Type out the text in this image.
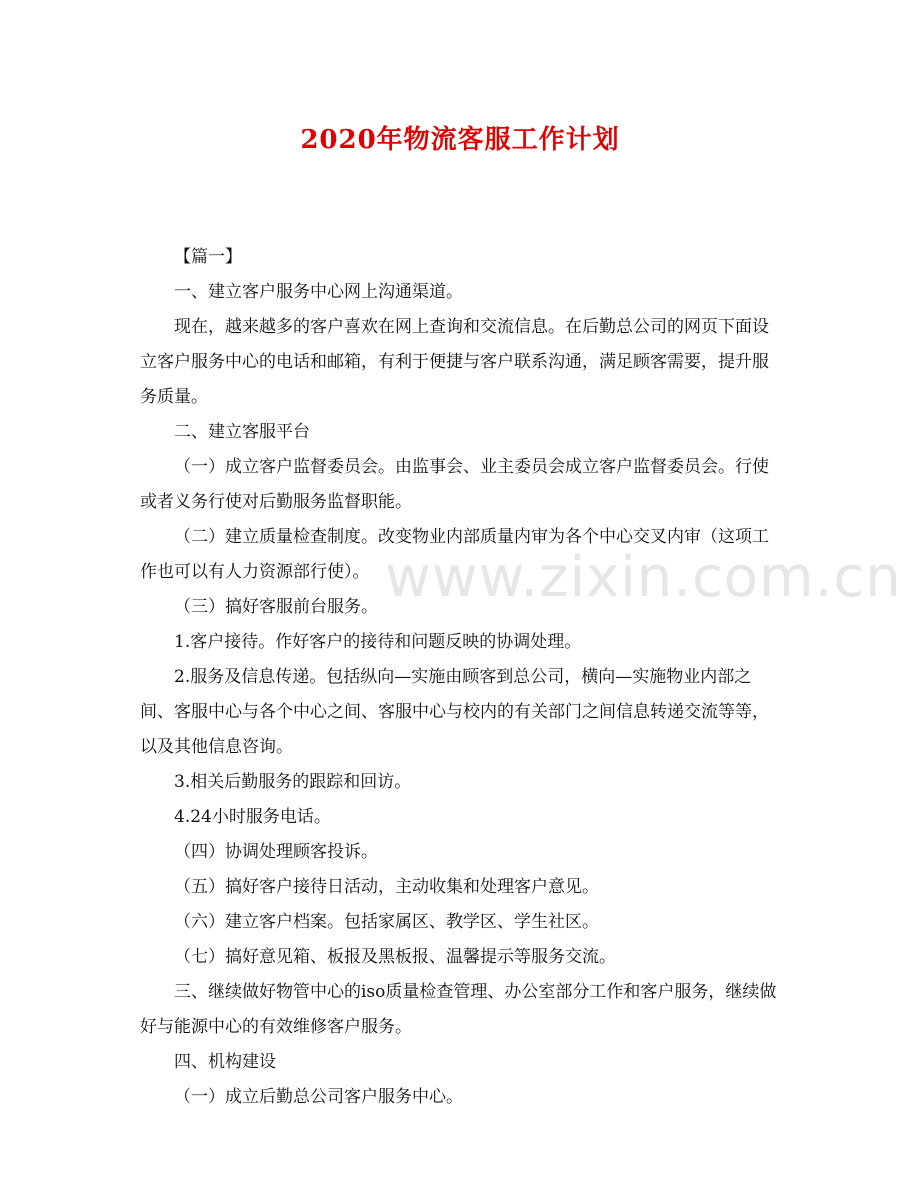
www.zixin.com.cn
2020年物流客服工作计划

【篇一】

一、建立客户服务中心网上沟通渠道。

现在，越来越多的客户喜欢在网上查询和交流信息。在后勤总公司的网页下面设立客户服务中心的电话和邮箱，有利于便捷与客户联系沟通，满足顾客需要，提升服务质量。

二、建立客服平台

（一）成立客户监督委员会。由监事会、业主委员会成立客户监督委员会。行使或者义务行使对后勤服务监督职能。

（二）建立质量检查制度。改变物业内部质量内审为各个中心交叉内审（这项工作也可以有人力资源部行使）。

（三）搞好客服前台服务。

1.客户接待。作好客户的接待和问题反映的协调处理。

2.服务及信息传递。包括纵向—实施由顾客到总公司，横向—实施物业内部之间、客服中心与各个中心之间、客服中心与校内的有关部门之间信息转递交流等等，以及其他信息咨询。

3.相关后勤服务的跟踪和回访。

4.24小时服务电话。

（四）协调处理顾客投诉。

（五）搞好客户接待日活动，主动收集和处理客户意见。

（六）建立客户档案。包括家属区、教学区、学生社区。

（七）搞好意见箱、板报及黑板报、温馨提示等服务交流。

三、继续做好物管中心的iso质量检查管理、办公室部分工作和客户服务，继续做好与能源中心的有效维修客户服务。

四、机构建设

（一）成立后勤总公司客户服务中心。
